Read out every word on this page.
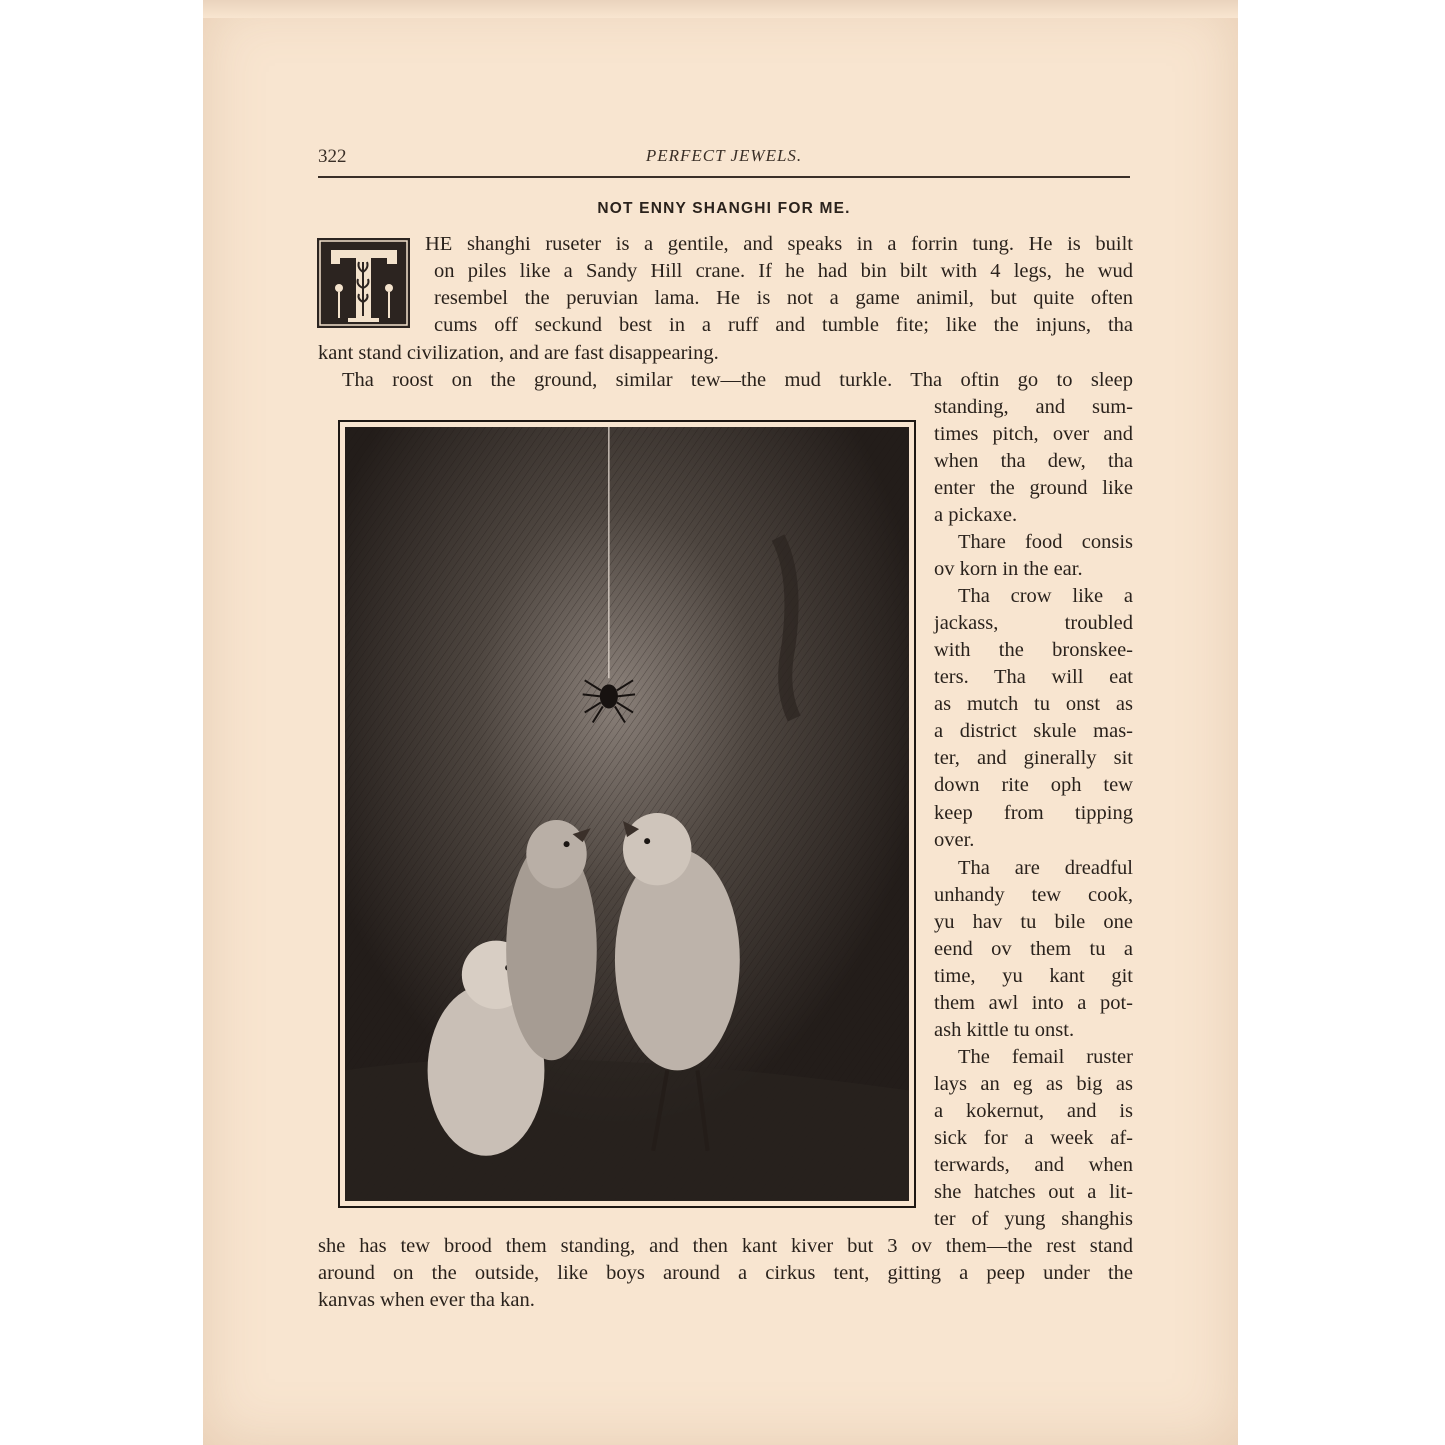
322	PERFECT JEWELS.
NOT ENNY SHANGHI FOR ME.
HE shanghi ruseter is a gentile, and speaks in a forrin tung. He is built
on piles like a Sandy Hill crane. If he had bin bilt with 4 legs, he wud
resembel the peruvian lama. He is not a game animil, but quite often
cums off seckund best in a ruff and tumble fite; like the injuns, tha
kant stand civilization, and are fast disappearing.
Tha roost on the ground, similar tew—the mud turkle. Tha oftin go to sleep
standing, and sum-
times pitch, over and
when tha dew, tha
enter the ground like
a pickaxe.
Thare food consis
ov korn in the ear.
Tha crow like a
jackass, troubled
with the bronskee-
ters. Tha will eat
as mutch tu onst as
a district skule mas-
ter, and ginerally sit
down rite oph tew
keep from tipping
over.
Tha are dreadful
unhandy tew cook,
yu hav tu bile one
eend ov them tu a
time, yu kant git
them awl into a pot-
ash kittle tu onst.
The femail ruster
lays an eg as big as
a kokernut, and is
sick for a week af-
terwards, and when
she hatches out a lit-
ter of yung shanghis
she has tew brood them standing, and then kant kiver but 3 ov them—the rest stand
around on the outside, like boys around a cirkus tent, gitting a peep under the
kanvas when ever tha kan.
